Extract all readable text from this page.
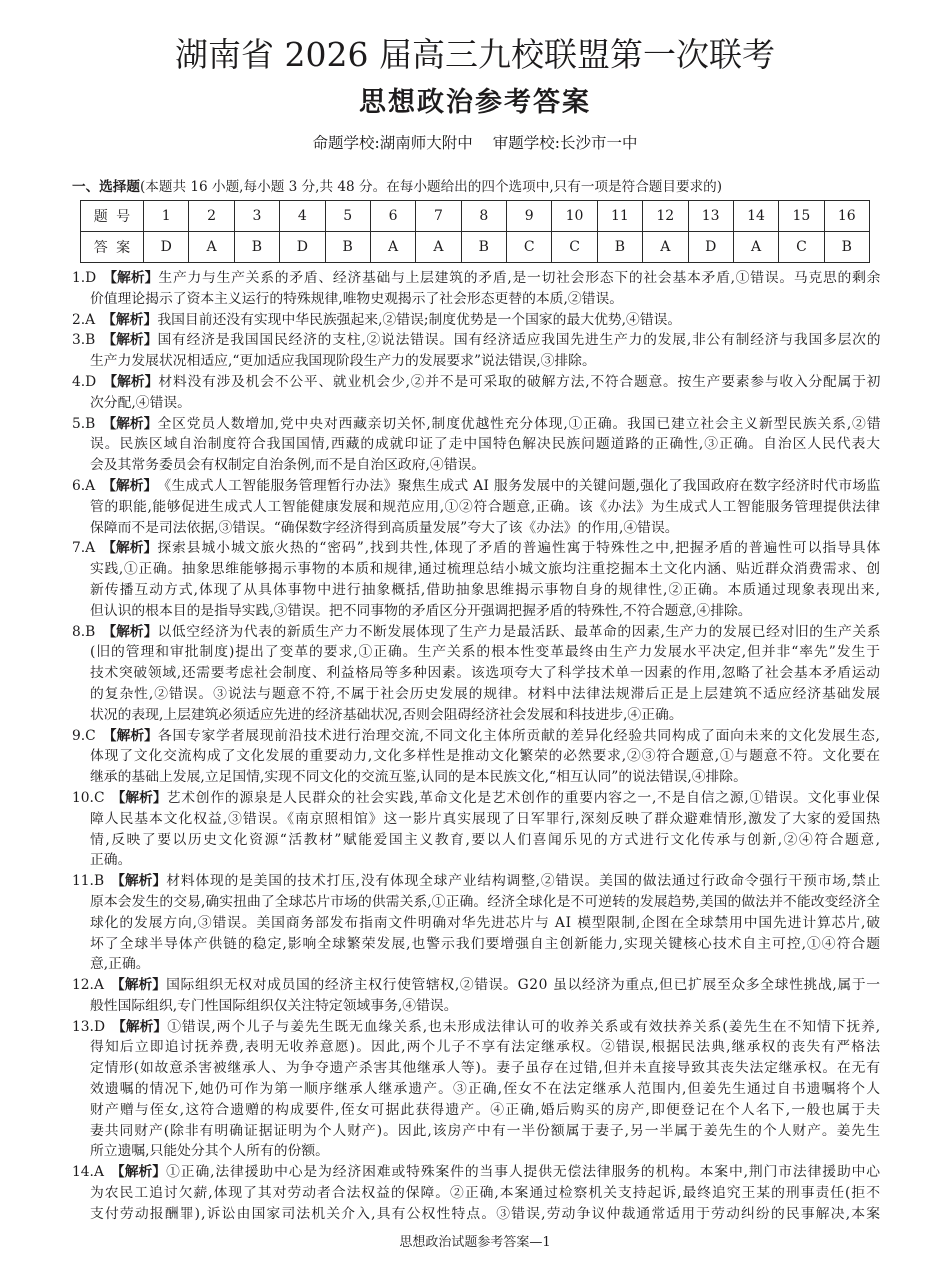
湖南省 2026 届高三九校联盟第一次联考
思想政治参考答案
命题学校:湖南师大附中 审题学校:长沙市一中
一、选择题(本题共 16 小题,每小题 3 分,共 48 分。在每小题给出的四个选项中,只有一项是符合题目要求的)
题号	1	2	3	4	5	6	7	8	9	10	11	12	13	14	15	16
答案	D	A	B	D	B	A	A	B	C	C	B	A	D	A	C	B
1.D 【解析】 生产力与生产关系的矛盾、经济基础与上层建筑的矛盾,是一切社会形态下的社会基本矛盾,①错误。马克思的剩余
价值理论揭示了资本主义运行的特殊规律,唯物史观揭示了社会形态更替的本质,②错误。
2.A 【解析】 我国目前还没有实现中华民族强起来,②错误;制度优势是一个国家的最大优势,④错误。
3.B 【解析】 国有经济是我国国民经济的支柱,②说法错误。国有经济适应我国先进生产力的发展,非公有制经济与我国多层次的
生产力发展状况相适应,“更加适应我国现阶段生产力的发展要求”说法错误,③排除。
4.D 【解析】 材料没有涉及机会不公平、就业机会少,②并不是可采取的破解方法,不符合题意。按生产要素参与收入分配属于初
次分配,④错误。
5.B 【解析】 全区党员人数增加,党中央对西藏亲切关怀,制度优越性充分体现,①正确。我国已建立社会主义新型民族关系,②错
误。民族区域自治制度符合我国国情,西藏的成就印证了走中国特色解决民族问题道路的正确性,③正确。自治区人民代表大
会及其常务委员会有权制定自治条例,而不是自治区政府,④错误。
6.A 【解析】 《生成式人工智能服务管理暂行办法》聚焦生成式 AI 服务发展中的关键问题,强化了我国政府在数字经济时代市场监
管的职能,能够促进生成式人工智能健康发展和规范应用,①②符合题意,正确。该《办法》为生成式人工智能服务管理提供法律
保障而不是司法依据,③错误。“确保数字经济得到高质量发展”夸大了该《办法》的作用,④错误。
7.A 【解析】 探索县城小城文旅火热的“密码”,找到共性,体现了矛盾的普遍性寓于特殊性之中,把握矛盾的普遍性可以指导具体
实践,①正确。抽象思维能够揭示事物的本质和规律,通过梳理总结小城文旅均注重挖掘本土文化内涵、贴近群众消费需求、创
新传播互动方式,体现了从具体事物中进行抽象概括,借助抽象思维揭示事物自身的规律性,②正确。本质通过现象表现出来,
但认识的根本目的是指导实践,③错误。把不同事物的矛盾区分开强调把握矛盾的特殊性,不符合题意,④排除。
8.B 【解析】 以低空经济为代表的新质生产力不断发展体现了生产力是最活跃、最革命的因素,生产力的发展已经对旧的生产关系
(旧的管理和审批制度)提出了变革的要求,①正确。生产关系的根本性变革最终由生产力发展水平决定,但并非“率先”发生于
技术突破领域,还需要考虑社会制度、利益格局等多种因素。该选项夸大了科学技术单一因素的作用,忽略了社会基本矛盾运动
的复杂性,②错误。③说法与题意不符,不属于社会历史发展的规律。材料中法律法规滞后正是上层建筑不适应经济基础发展
状况的表现,上层建筑必须适应先进的经济基础状况,否则会阻碍经济社会发展和科技进步,④正确。
9.C 【解析】 各国专家学者展现前沿技术进行治理交流,不同文化主体所贡献的差异化经验共同构成了面向未来的文化发展生态,
体现了文化交流构成了文化发展的重要动力,文化多样性是推动文化繁荣的必然要求,②③符合题意,①与题意不符。文化要在
继承的基础上发展,立足国情,实现不同文化的交流互鉴,认同的是本民族文化,“相互认同”的说法错误,④排除。
10.C 【解析】 艺术创作的源泉是人民群众的社会实践,革命文化是艺术创作的重要内容之一,不是自信之源,①错误。文化事业保
障人民基本文化权益,③错误。《南京照相馆》这一影片真实展现了日军罪行,深刻反映了群众避难情形,激发了大家的爱国热
情,反映了要以历史文化资源“活教材”赋能爱国主义教育,要以人们喜闻乐见的方式进行文化传承与创新,②④符合题意,
正确。
11.B 【解析】 材料体现的是美国的技术打压,没有体现全球产业结构调整,②错误。美国的做法通过行政命令强行干预市场,禁止
原本会发生的交易,确实扭曲了全球芯片市场的供需关系,①正确。经济全球化是不可逆转的发展趋势,美国的做法并不能改变经济全
球化的发展方向,③错误。美国商务部发布指南文件明确对华先进芯片与 AI 模型限制,企图在全球禁用中国先进计算芯片,破
坏了全球半导体产供链的稳定,影响全球繁荣发展,也警示我们要增强自主创新能力,实现关键核心技术自主可控,①④符合题
意,正确。
12.A 【解析】 国际组织无权对成员国的经济主权行使管辖权,②错误。G20 虽以经济为重点,但已扩展至众多全球性挑战,属于一
般性国际组织,专门性国际组织仅关注特定领域事务,④错误。
13.D 【解析】 ①错误,两个儿子与姜先生既无血缘关系,也未形成法律认可的收养关系或有效扶养关系(姜先生在不知情下抚养,
得知后立即追讨抚养费,表明无收养意愿)。因此,两个儿子不享有法定继承权。②错误,根据民法典,继承权的丧失有严格法
定情形(如故意杀害被继承人、为争夺遗产杀害其他继承人等)。妻子虽存在过错,但并未直接导致其丧失法定继承权。在无有
效遗嘱的情况下,她仍可作为第一顺序继承人继承遗产。③正确,侄女不在法定继承人范围内,但姜先生通过自书遗嘱将个人
财产赠与侄女,这符合遗赠的构成要件,侄女可据此获得遗产。④正确,婚后购买的房产,即便登记在个人名下,一般也属于夫
妻共同财产(除非有明确证据证明为个人财产)。因此,该房产中有一半份额属于妻子,另一半属于姜先生的个人财产。姜先生
所立遗嘱,只能处分其个人所有的份额。
14.A 【解析】 ①正确,法律援助中心是为经济困难或特殊案件的当事人提供无偿法律服务的机构。本案中,荆门市法律援助中心
为农民工追讨欠薪,体现了其对劳动者合法权益的保障。②正确,本案通过检察机关支持起诉,最终追究王某的刑事责任(拒不
支付劳动报酬罪),诉讼由国家司法机关介入,具有公权性特点。③错误,劳动争议仲裁通常适用于劳动纠纷的民事解决,本案
思想政治试题参考答案—1
